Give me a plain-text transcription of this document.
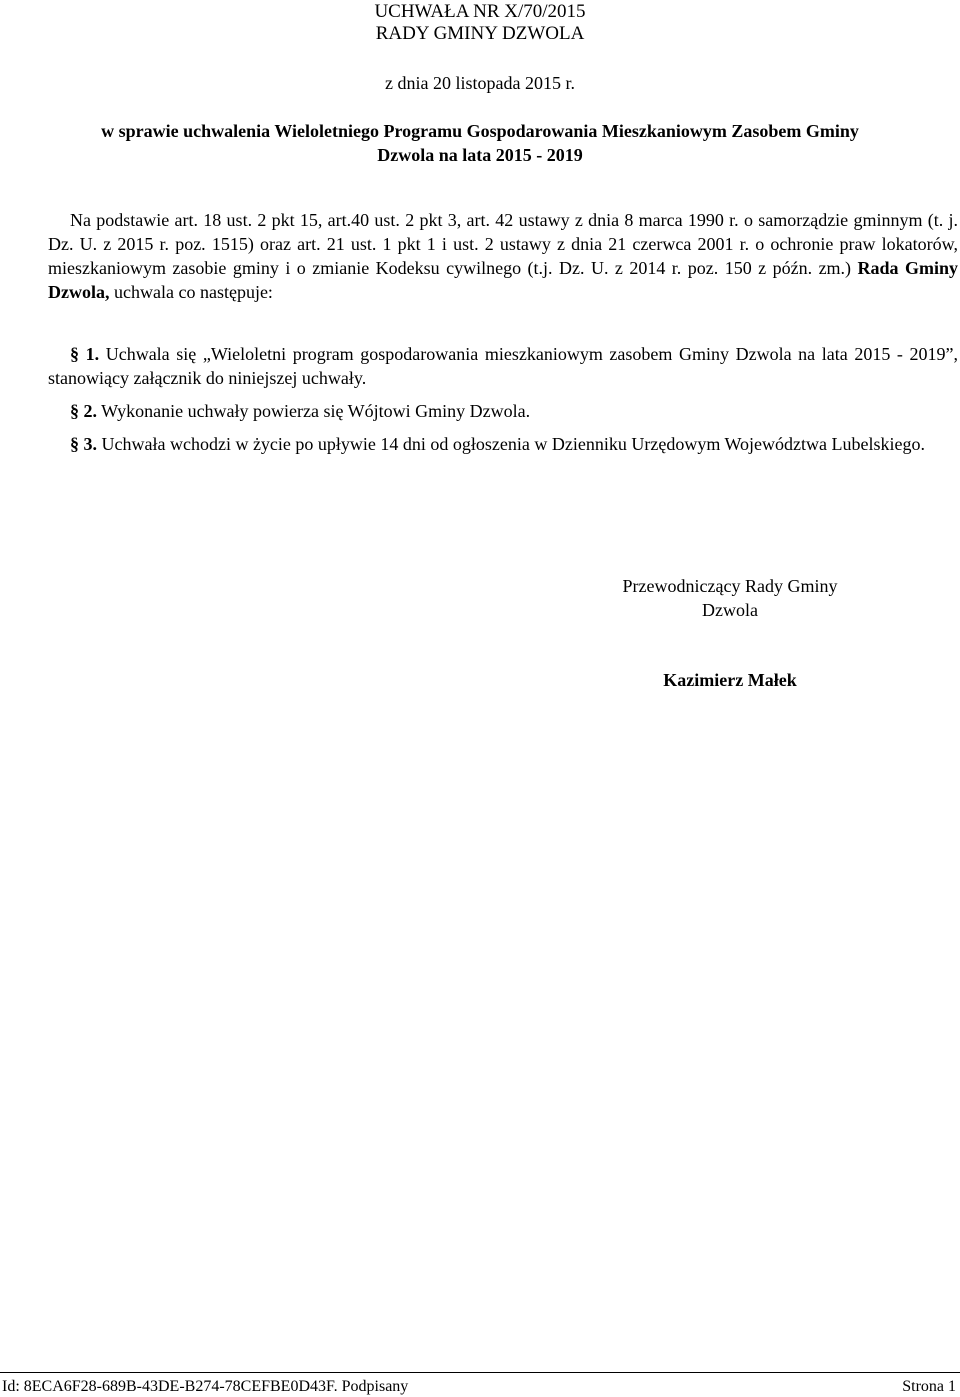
UCHWAŁA NR X/70/2015
RADY GMINY DZWOLA
z dnia 20 listopada 2015 r.
w sprawie uchwalenia Wieloletniego Programu Gospodarowania Mieszkaniowym Zasobem Gminy
Dzwola na lata 2015 - 2019
Na podstawie art. 18 ust. 2 pkt 15, art.40 ust. 2 pkt 3, art. 42 ustawy z dnia 8 marca 1990 r. o samorządzie gminnym (t. j. Dz. U. z 2015 r. poz. 1515) oraz art. 21 ust. 1 pkt 1 i ust. 2 ustawy z dnia 21 czerwca 2001 r. o ochronie praw lokatorów, mieszkaniowym zasobie gminy i o zmianie Kodeksu cywilnego (t.j. Dz. U. z 2014 r. poz. 150 z późn. zm.) Rada Gminy Dzwola, uchwala co następuje:
§ 1. Uchwala się „Wieloletni program gospodarowania mieszkaniowym zasobem Gminy Dzwola na lata 2015 - 2019”, stanowiący załącznik do niniejszej uchwały.
§ 2. Wykonanie uchwały powierza się Wójtowi Gminy Dzwola.
§ 3. Uchwała wchodzi w życie po upływie 14 dni od ogłoszenia w Dzienniku Urzędowym Województwa Lubelskiego.
Przewodniczący Rady Gminy
Dzwola
Kazimierz Małek
Id: 8ECA6F28-689B-43DE-B274-78CEFBE0D43F. Podpisany	Strona 1
